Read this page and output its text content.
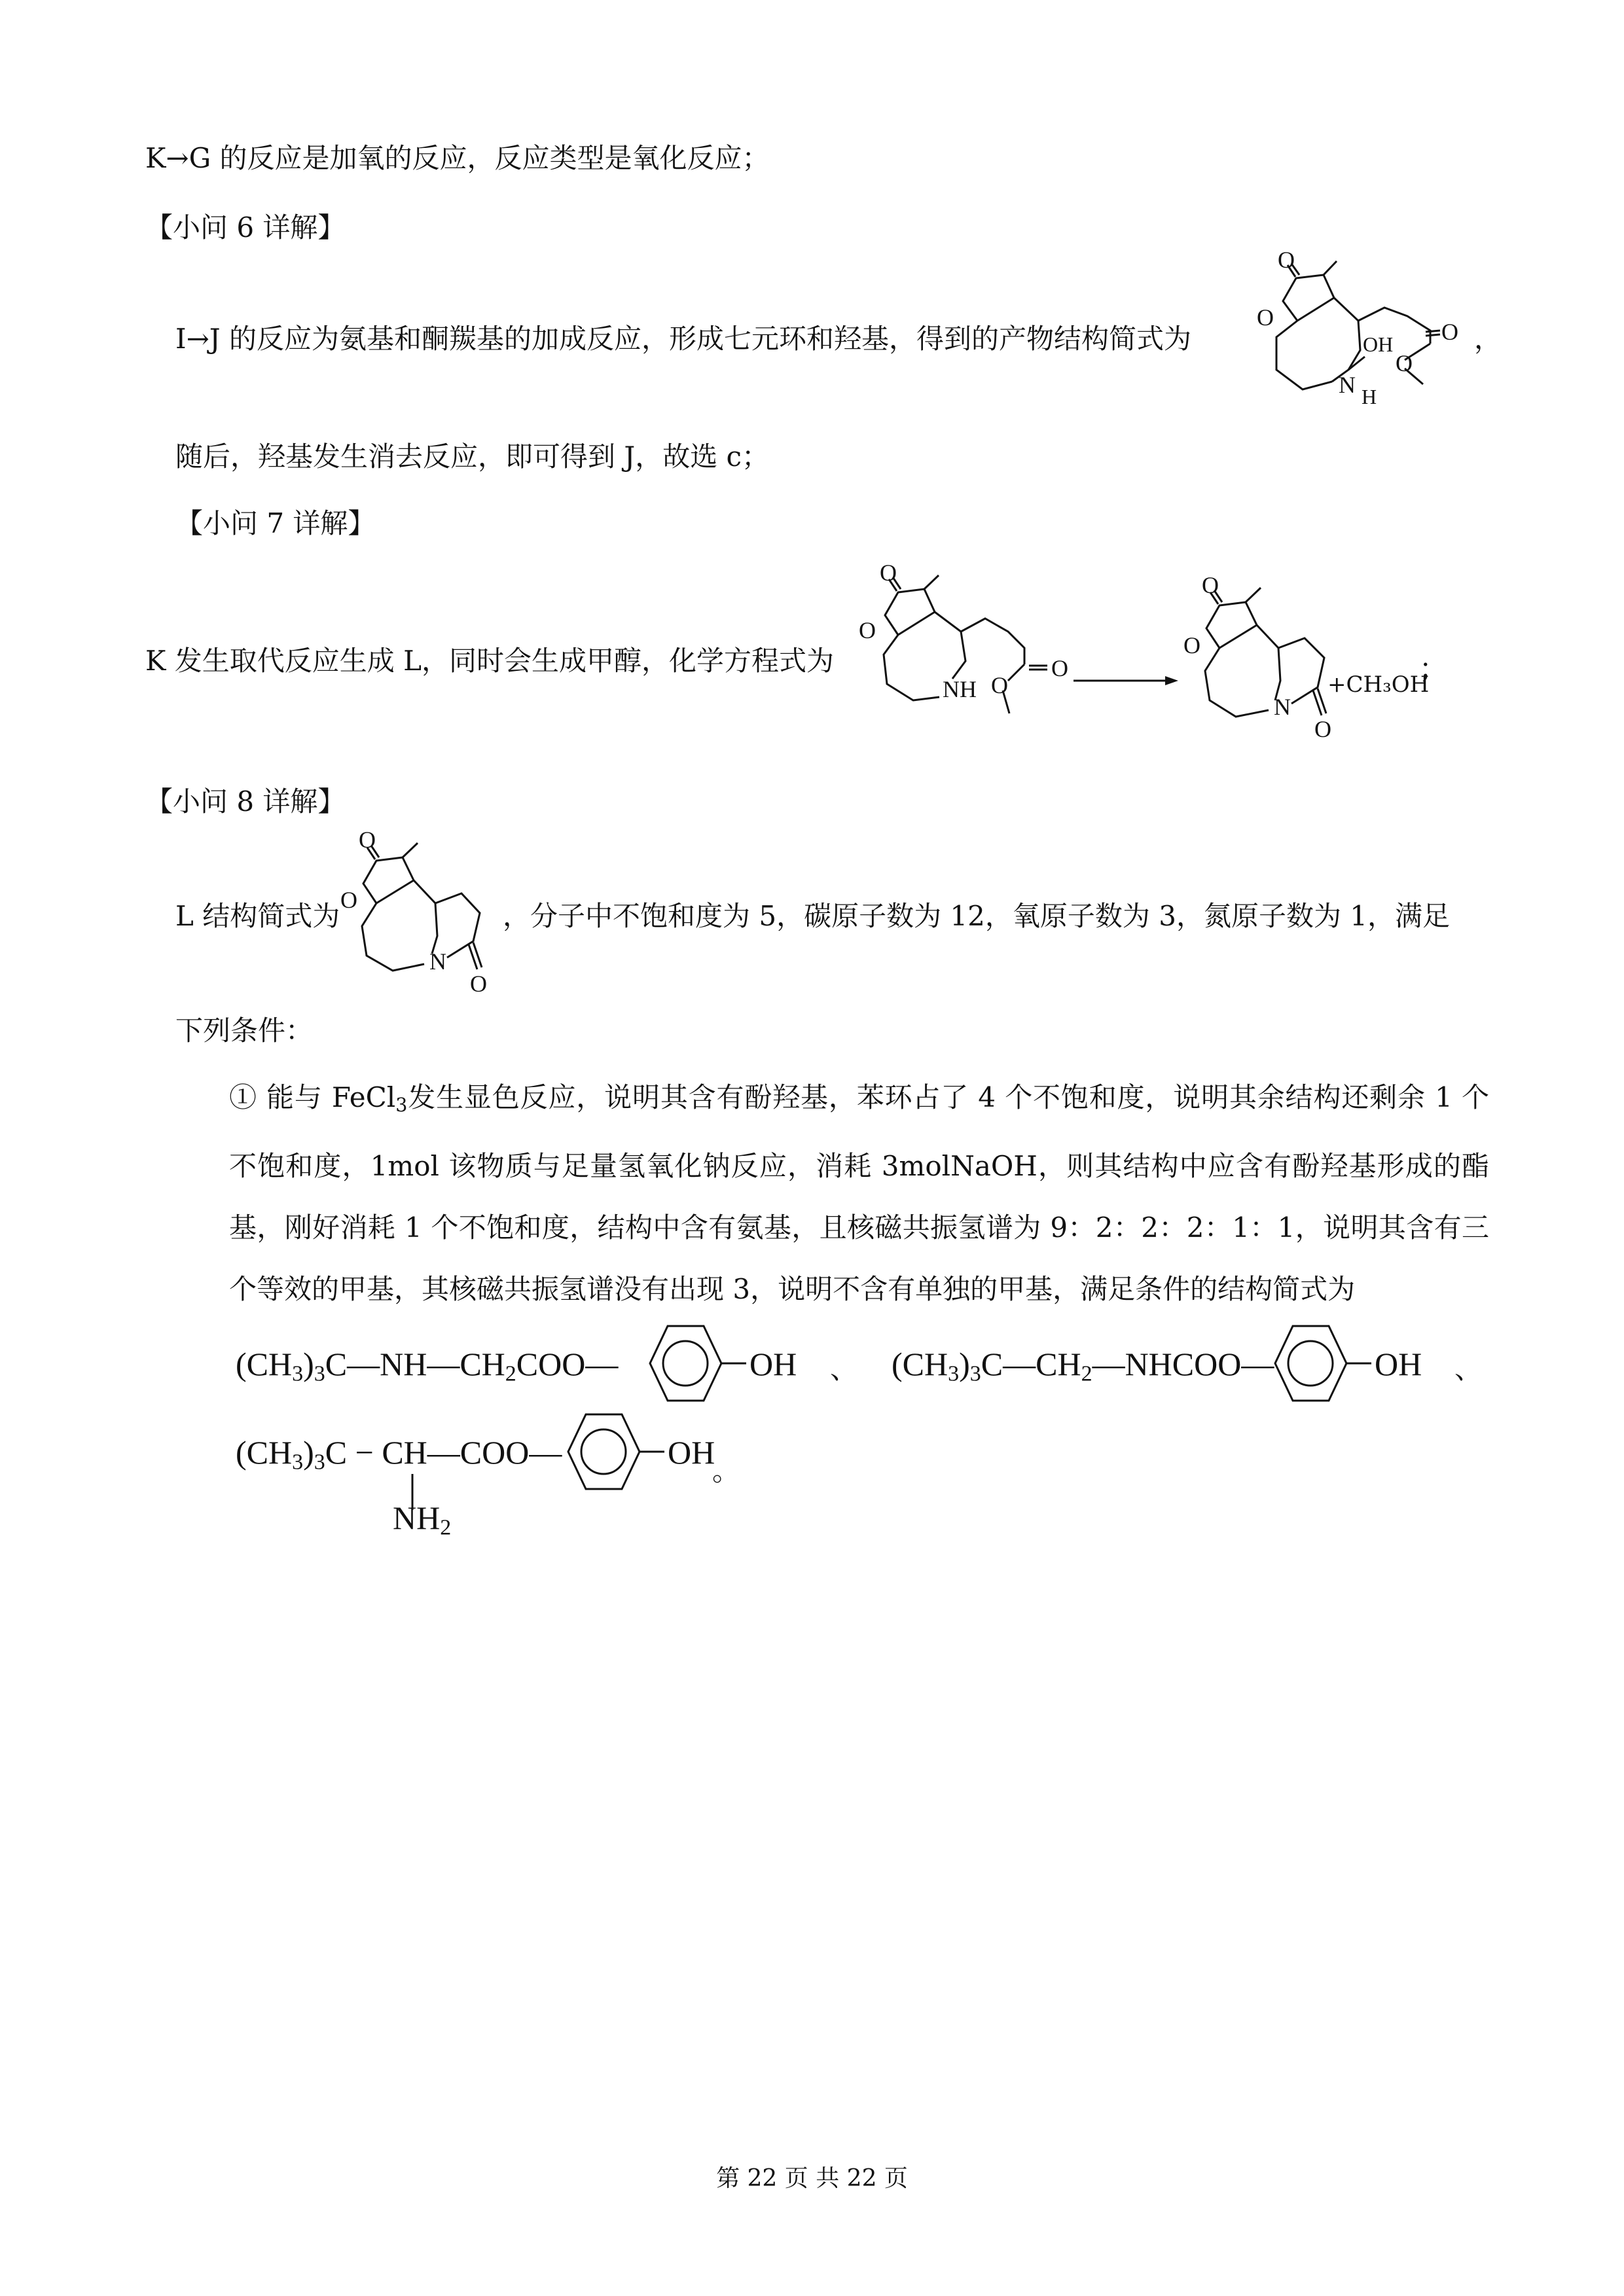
K→G 的反应是加氧的反应，反应类型是氧化反应；
【小问 6 详解】
I→J 的反应为氨基和酮羰基的加成反应，形成七元环和羟基，得到的产物结构简式为
O
O
OH O
O
N H
，
随后，羟基发生消去反应，即可得到 J，故选 c；
【小问 7 详解】
K 发生取代反应生成 L，同时会生成甲醇，化学方程式为
O
O
NH O
O
O
O
N
O
+CH₃OH
；
【小问 8 详解】
L 结构简式为 O
O
N
O
，分子中不饱和度为 5，碳原子数为 12，氧原子数为 3，氮原子数为 1，满足
下列条件：
① 能与 FeCl$_3$发生显色反应，说明其含有酚羟基，苯环占了 4 个不饱和度，说明其余结构还剩余 1 个不饱和度，1mol 该物质与足量氢氧化钠反应，消耗 3molNaOH，则其结构中应含有酚羟基形成的酯基，刚好消耗 1 个不饱和度，结构中含有氨基，且核磁共振氢谱为 9：2：2：2：1：1，说明其含有三个等效的甲基，其核磁共振氢谱没有出现 3，说明不含有单独的甲基，满足条件的结构简式为
$(CH_3)_3C—NH—CH_2COO—$	OH 、 $(CH_3)_3C—CH_2—NHCOO—$	OH 、
$(CH_3)_3C$ − CH—COO—
$NH_2$
OH
。
第 22 页 共 22 页
